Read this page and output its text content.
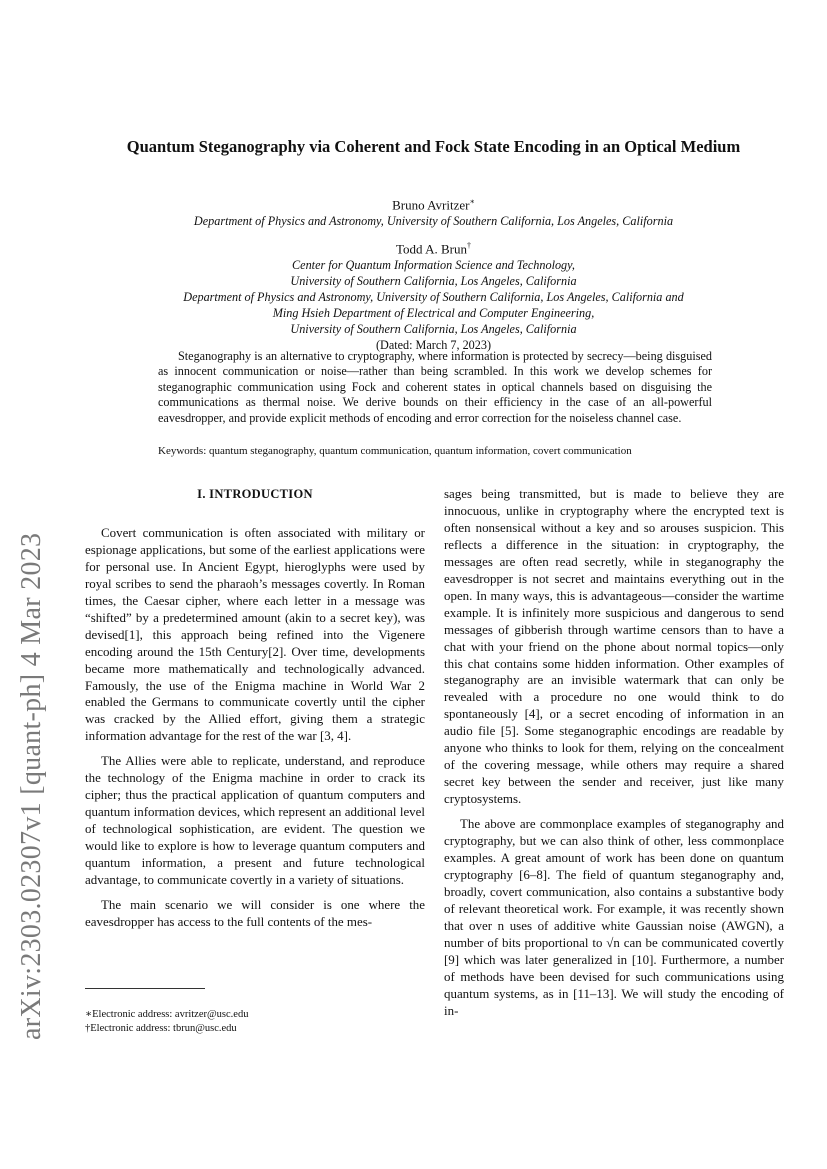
arXiv:2303.02307v1 [quant-ph] 4 Mar 2023
Quantum Steganography via Coherent and Fock State Encoding in an Optical Medium
Bruno Avritzer∗
Department of Physics and Astronomy, University of Southern California, Los Angeles, California
Todd A. Brun†
Center for Quantum Information Science and Technology,
University of Southern California, Los Angeles, California
Department of Physics and Astronomy, University of Southern California, Los Angeles, California and
Ming Hsieh Department of Electrical and Computer Engineering,
University of Southern California, Los Angeles, California
(Dated: March 7, 2023)

Steganography is an alternative to cryptography, where information is protected by secrecy—being disguised as innocent communication or noise—rather than being scrambled. In this work we develop schemes for steganographic communication using Fock and coherent states in optical channels based on disguising the communications as thermal noise. We derive bounds on their efficiency in the case of an all-powerful eavesdropper, and provide explicit methods of encoding and error correction for the noiseless channel case.

Keywords: quantum steganography, quantum communication, quantum information, covert communication

I. INTRODUCTION

Covert communication is often associated with military or espionage applications, but some of the earliest applications were for personal use. In Ancient Egypt, hieroglyphs were used by royal scribes to send the pharaoh’s messages covertly. In Roman times, the Caesar cipher, where each letter in a message was “shifted” by a predetermined amount (akin to a secret key), was devised[1], this approach being refined into the Vigenere encoding around the 15th Century[2]. Over time, developments became more mathematically and technologically advanced. Famously, the use of the Enigma machine in World War 2 enabled the Germans to communicate covertly until the cipher was cracked by the Allied effort, giving them a strategic information advantage for the rest of the war [3, 4].

The Allies were able to replicate, understand, and reproduce the technology of the Enigma machine in order to crack its cipher; thus the practical application of quantum computers and quantum information devices, which represent an additional level of technological sophistication, are evident. The question we would like to explore is how to leverage quantum computers and quantum information, a present and future technological advantage, to communicate covertly in a variety of situations.

The main scenario we will consider is one where the eavesdropper has access to the full contents of the mes-

sages being transmitted, but is made to believe they are innocuous, unlike in cryptography where the encrypted text is often nonsensical without a key and so arouses suspicion. This reflects a difference in the situation: in cryptography, the messages are often read secretly, while in steganography the eavesdropper is not secret and maintains everything out in the open. In many ways, this is advantageous—consider the wartime example. It is infinitely more suspicious and dangerous to send messages of gibberish through wartime censors than to have a chat with your friend on the phone about normal topics—only this chat contains some hidden information. Other examples of steganography are an invisible watermark that can only be revealed with a procedure no one would think to do spontaneously [4], or a secret encoding of information in an audio file [5]. Some steganographic encodings are readable by anyone who thinks to look for them, relying on the concealment of the covering message, while others may require a shared secret key between the sender and receiver, just like many cryptosystems.

The above are commonplace examples of steganography and cryptography, but we can also think of other, less commonplace examples. A great amount of work has been done on quantum cryptography [6–8]. The field of quantum steganography and, broadly, covert communication, also contains a substantive body of relevant theoretical work. For example, it was recently shown that over n uses of additive white Gaussian noise (AWGN), a number of bits proportional to √n can be communicated covertly [9] which was later generalized in [10]. Furthermore, a number of methods have been devised for such communications using quantum systems, as in [11–13]. We will study the encoding of in-

∗Electronic address: avritzer@usc.edu
†Electronic address: tbrun@usc.edu
